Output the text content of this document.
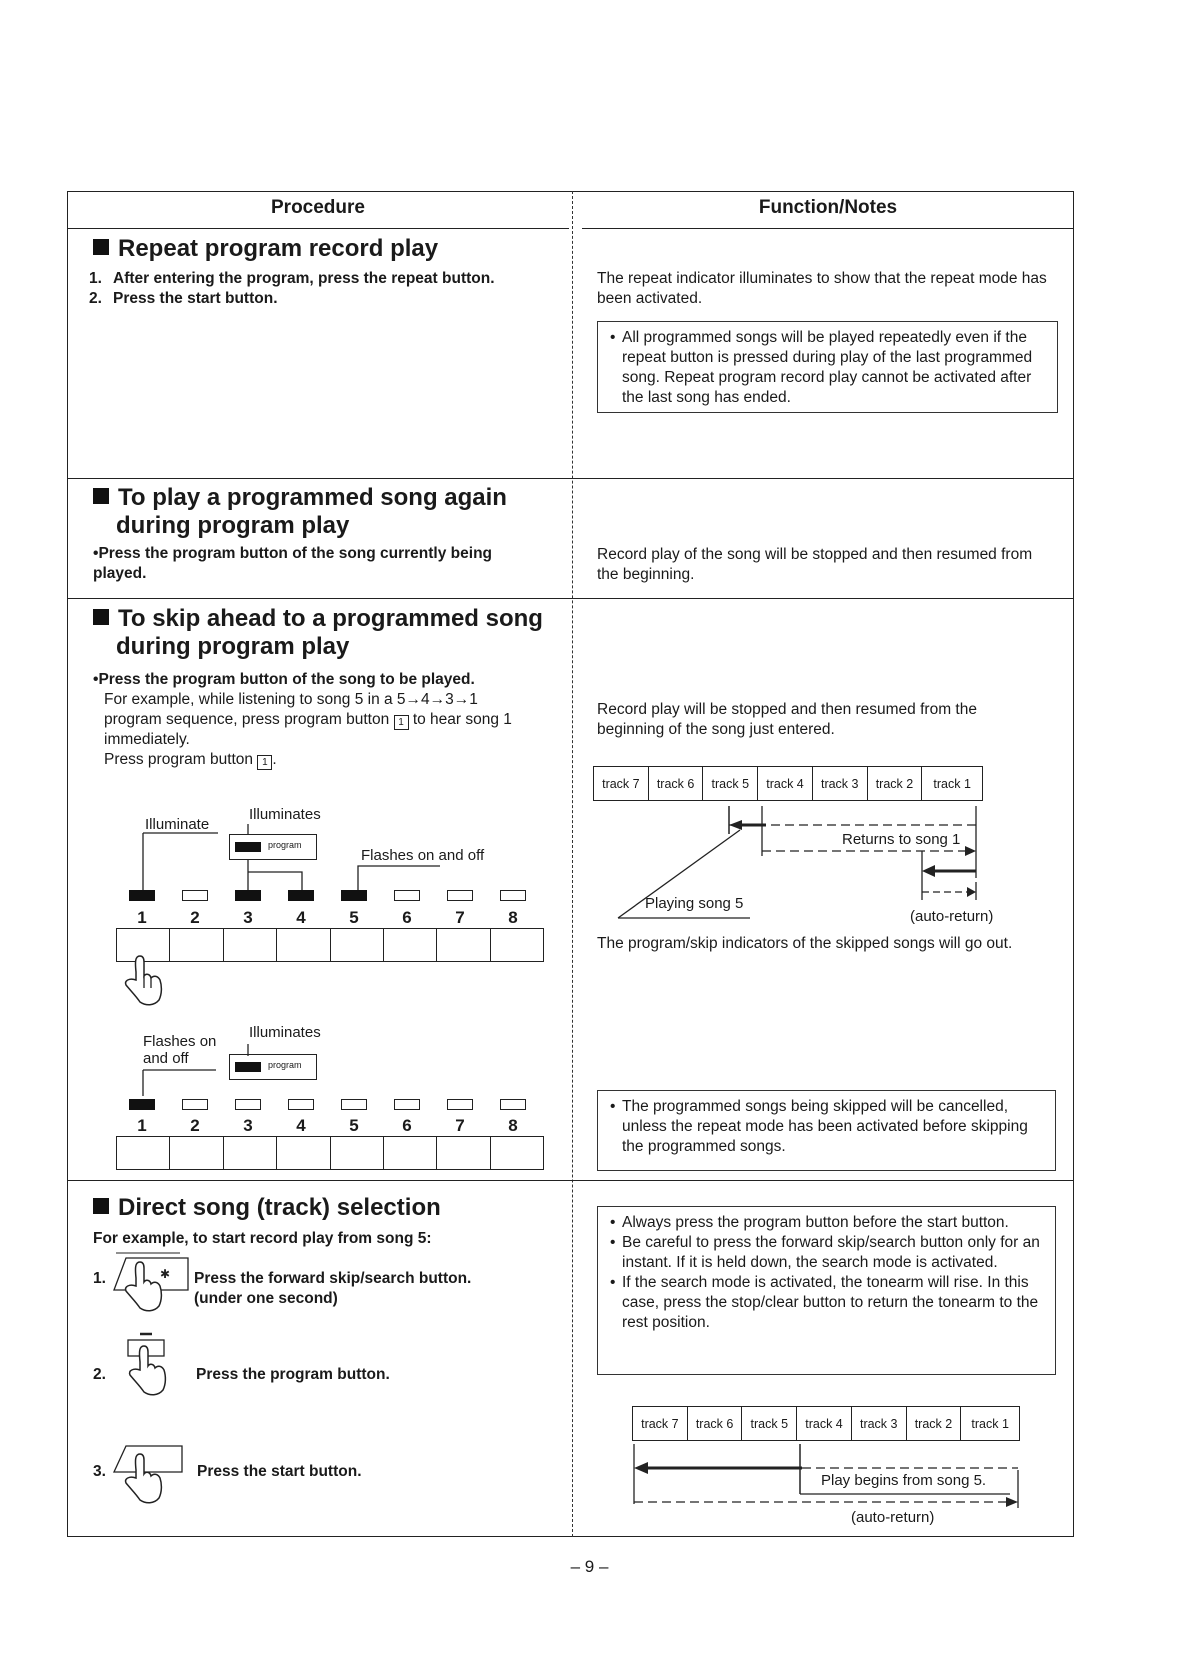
Procedure	Function/Notes
Repeat program record play
1. After entering the program, press the repeat button.
2. Press the start button.
The repeat indicator illuminates to show that the repeat mode has been activated.

• All programmed songs will be played repeatedly even if the repeat button is pressed during play of the last programmed song. Repeat program record play cannot be activated after the last song has ended.

To play a programmed song again
during program play
•Press the program button of the song currently being played.
Record play of the song will be stopped and then resumed from the beginning.
To skip ahead to a programmed song
during program play
•Press the program button of the song to be played.
For example, while listening to song 5 in a 5→4→3→1
program sequence, press program button 1 to hear song 1
immediately.
Press program button 1 .
Illuminate
Illuminates
Flashes on and off
program
1	2	3	4	5	6	7	8
Flashes on
and off
Illuminates
program
1	2	3	4	5	6	7	8
Record play will be stopped and then resumed from the beginning of the song just entered.
track 7	track 6	track 5	track 4	track 3	track 2	track 1
Returns to song 1
Playing song 5
(auto-return)
The program/skip indicators of the skipped songs will go out.

• The programmed songs being skipped will be cancelled, unless the repeat mode has been activated before skipping the programmed songs.

Direct song (track) selection
For example, to start record play from song 5:
1.	✱ Press the forward skip/search button.
(under one second)
2.	Press the program button.
3.	Press the start button.

• Always press the program button before the start button.

• Be careful to press the forward skip/search button only for an instant. If it is held down, the search mode is activated.

• If the search mode is activated, the tonearm will rise. In this case, press the stop/clear button to return the tonearm to the rest position.

track 7	track 6	track 5	track 4	track 3	track 2	track 1
Play begins from song 5.
(auto-return)
– 9 –
